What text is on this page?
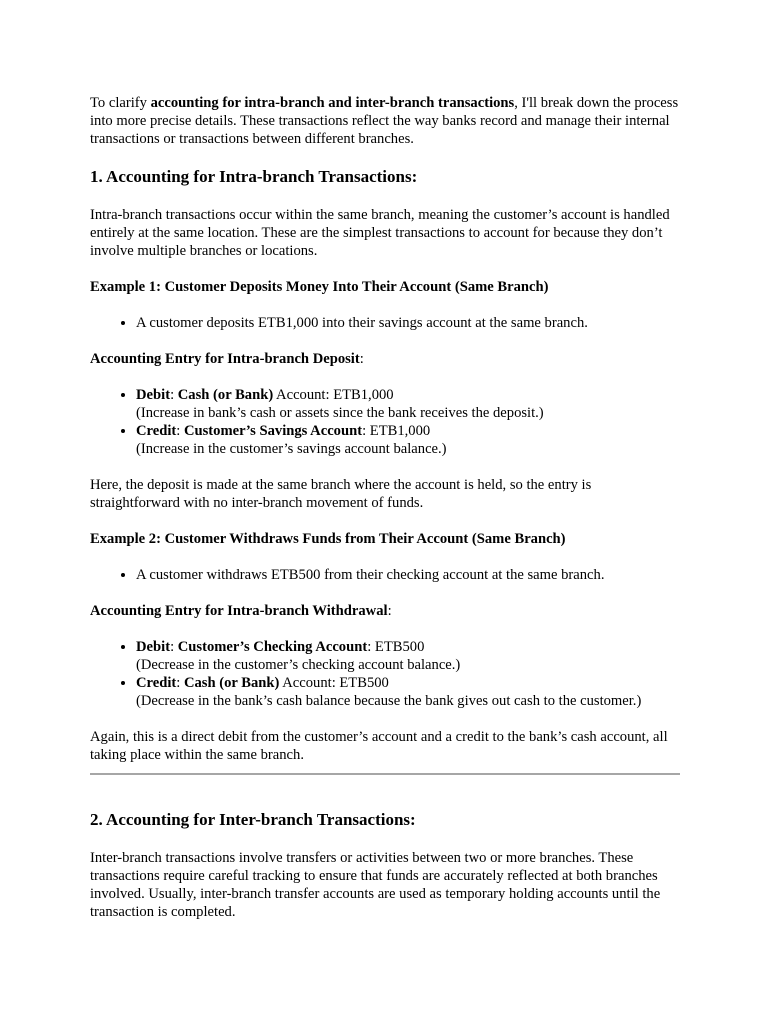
To clarify accounting for intra-branch and inter-branch transactions, I'll break down the process into more precise details. These transactions reflect the way banks record and manage their internal transactions or transactions between different branches.

1. Accounting for Intra-branch Transactions:

Intra-branch transactions occur within the same branch, meaning the customer’s account is handled entirely at the same location. These are the simplest transactions to account for because they don’t involve multiple branches or locations.

Example 1: Customer Deposits Money Into Their Account (Same Branch)

• A customer deposits ETB1,000 into their savings account at the same branch.

Accounting Entry for Intra-branch Deposit:

• Debit: Cash (or Bank) Account: ETB1,000
(Increase in bank’s cash or assets since the bank receives the deposit.)
• Credit: Customer’s Savings Account: ETB1,000
(Increase in the customer’s savings account balance.)

Here, the deposit is made at the same branch where the account is held, so the entry is straightforward with no inter-branch movement of funds.

Example 2: Customer Withdraws Funds from Their Account (Same Branch)

• A customer withdraws ETB500 from their checking account at the same branch.

Accounting Entry for Intra-branch Withdrawal:

• Debit: Customer’s Checking Account: ETB500
(Decrease in the customer’s checking account balance.)
• Credit: Cash (or Bank) Account: ETB500
(Decrease in the bank’s cash balance because the bank gives out cash to the customer.)

Again, this is a direct debit from the customer’s account and a credit to the bank’s cash account, all taking place within the same branch.

2. Accounting for Inter-branch Transactions:

Inter-branch transactions involve transfers or activities between two or more branches. These transactions require careful tracking to ensure that funds are accurately reflected at both branches involved. Usually, inter-branch transfer accounts are used as temporary holding accounts until the transaction is completed.
